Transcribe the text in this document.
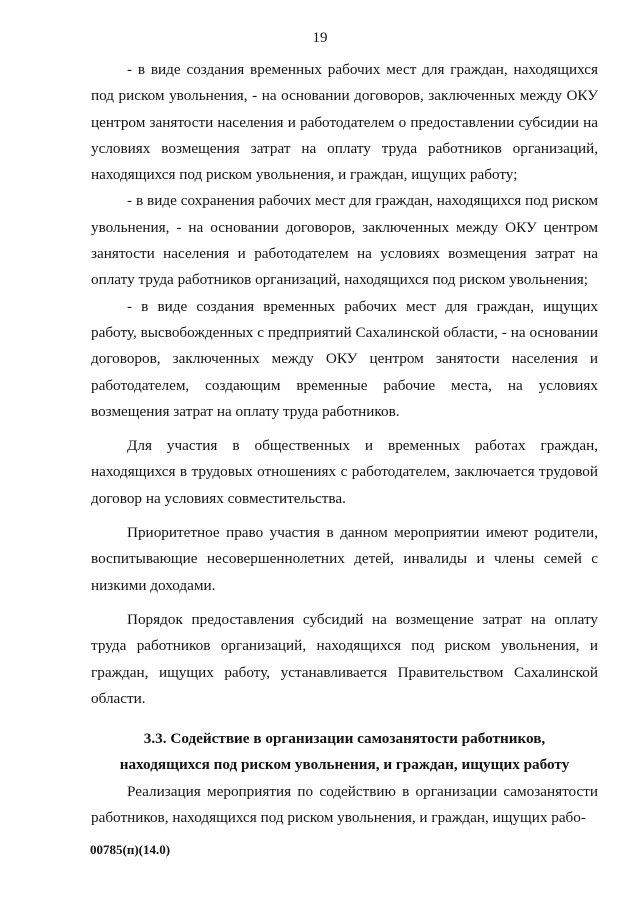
19

- в виде создания временных рабочих мест для граждан, находящихся под риском увольнения, - на основании договоров, заключенных между ОКУ центром занятости населения и работодателем о предоставлении субсидии на условиях возмещения затрат на оплату труда работников организаций, находящихся под риском увольнения, и граждан, ищущих работу;

- в виде сохранения рабочих мест для граждан, находящихся под риском увольнения, - на основании договоров, заключенных между ОКУ центром занятости населения и работодателем на условиях возмещения затрат на оплату труда работников организаций, находящихся под риском увольнения;

- в виде создания временных рабочих мест для граждан, ищущих работу, высвобожденных с предприятий Сахалинской области, - на основании договоров, заключенных между ОКУ центром занятости населения и работодателем, создающим временные рабочие места, на условиях возмещения затрат на оплату труда работников.

Для участия в общественных и временных работах граждан, находящихся в трудовых отношениях с работодателем, заключается трудовой договор на условиях совместительства.

Приоритетное право участия в данном мероприятии имеют родители, воспитывающие несовершеннолетних детей, инвалиды и члены семей с низкими доходами.

Порядок предоставления субсидий на возмещение затрат на оплату труда работников организаций, находящихся под риском увольнения, и граждан, ищущих работу, устанавливается Правительством Сахалинской области.

3.3. Содействие в организации самозанятости работников,
находящихся под риском увольнения, и граждан, ищущих работу

Реализация мероприятия по содействию в организации самозанятости работников, находящихся под риском увольнения, и граждан, ищущих рабо-

00785(п)(14.0)
